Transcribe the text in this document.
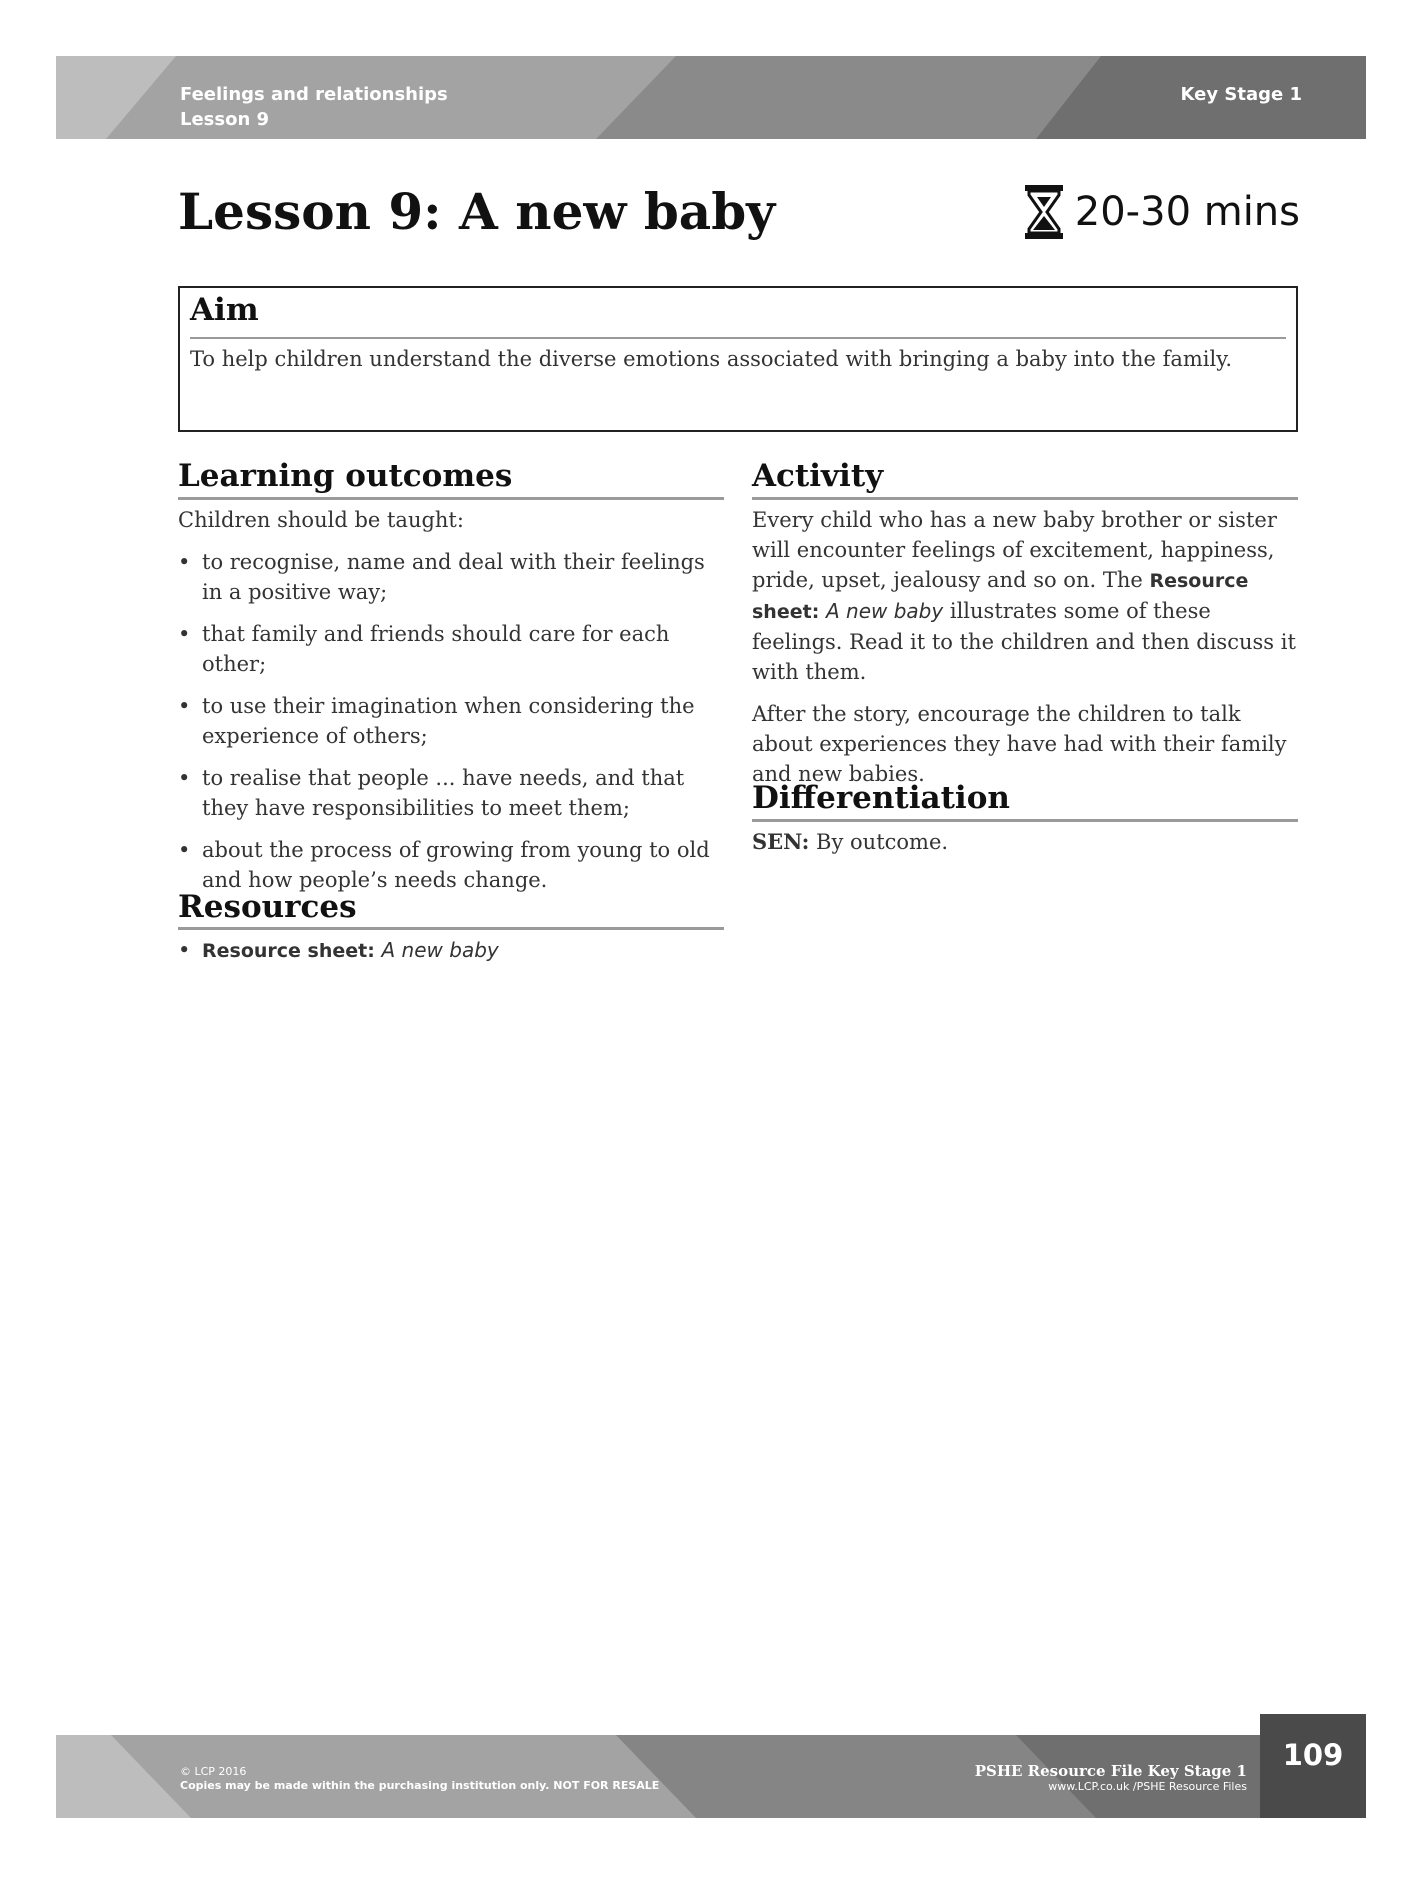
Feelings and relationships
Lesson 9
Key Stage 1
Lesson 9: A new baby	20-30 mins
Aim
To help children understand the diverse emotions associated with bringing a baby into the family.
Learning outcomes
Children should be taught:
• to recognise, name and deal with their feelings in a positive way;
• that family and friends should care for each other;
• to use their imagination when considering the experience of others;
• to realise that people ... have needs, and that they have responsibilities to meet them;
• about the process of growing from young to old and how people’s needs change.
Resources
• Resource sheet: A new baby
Activity

Every child who has a new baby brother or sister will encounter feelings of excitement, happiness, pride, upset, jealousy and so on. The Resource sheet: A new baby illustrates some of these feelings. Read it to the children and then discuss it with them.

After the story, encourage the children to talk about experiences they have had with their family and new babies.

Differentiation
SEN: By outcome.
© LCP 2016
Copies may be made within the purchasing institution only. NOT FOR RESALE
PSHE Resource File Key Stage 1
www.LCP.co.uk /PSHE Resource Files
109
